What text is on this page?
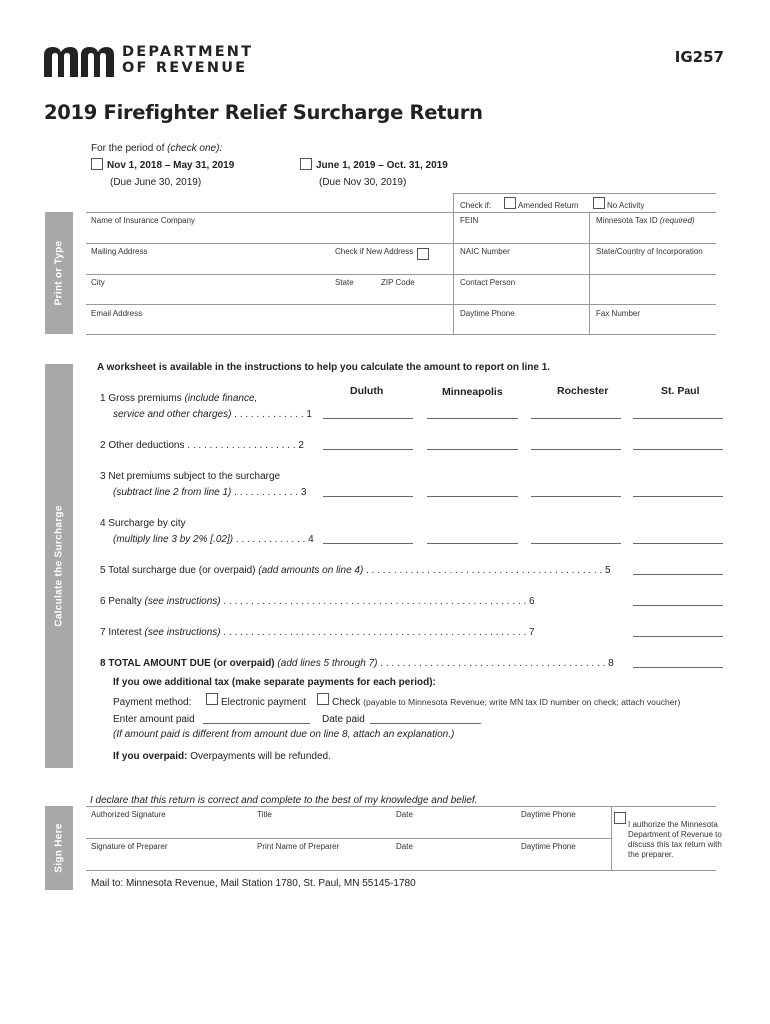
DEPARTMENT
OF REVENUE
IG257
2019 Firefighter Relief Surcharge Return
For the period of (check one):
Nov 1, 2018 – May 31, 2019
(Due June 30, 2019)
June 1, 2019 – Oct. 31, 2019
(Due Nov 30, 2019)
Check if:	Amended Return	No Activity
Print or Type
Name of Insurance Company	FEIN	Minnesota Tax ID (required)
Mailing Address	Check if New Address	NAIC Number	State/Country of Incorporation
City	State	ZIP Code	Contact Person
Email Address	Daytime Phone	Fax Number
Calculate the Surcharge
A worksheet is available in the instructions to help you calculate the amount to report on line 1.
Duluth	Minneapolis	Rochester	St. Paul
1 Gross premiums (include finance,
service and other charges) . . . . . . . . . . . . . 1
2 Other deductions . . . . . . . . . . . . . . . . . . . . 2
3 Net premiums subject to the surcharge
(subtract line 2 from line 1) . . . . . . . . . . . . 3
4 Surcharge by city
(multiply line 3 by 2% [.02]) . . . . . . . . . . . . . 4
5 Total surcharge due (or overpaid) (add amounts on line 4) . . . . . . . . . . . . . . . . . . . . . . . . . . . . . . . . . . . . . . . . . . . 5
6 Penalty (see instructions) . . . . . . . . . . . . . . . . . . . . . . . . . . . . . . . . . . . . . . . . . . . . . . . . . . . . . . . 6
7 Interest (see instructions) . . . . . . . . . . . . . . . . . . . . . . . . . . . . . . . . . . . . . . . . . . . . . . . . . . . . . . . 7
8 TOTAL AMOUNT DUE (or overpaid) (add lines 5 through 7) . . . . . . . . . . . . . . . . . . . . . . . . . . . . . . . . . . . . . . . . . 8
If you owe additional tax (make separate payments for each period):
Payment method:	Electronic payment	Check (payable to Minnesota Revenue; write MN tax ID number on check; attach voucher)
Enter amount paid	Date paid
(If amount paid is different from amount due on line 8, attach an explanation.)
If you overpaid: Overpayments will be refunded.
Sign Here
I declare that this return is correct and complete to the best of my knowledge and belief.
Authorized Signature	Title	Date	Daytime Phone
Signature of Preparer	Print Name of Preparer	Date	Daytime Phone
I authorize the Minnesota Department of Revenue to discuss this tax return with the preparer.
Mail to: Minnesota Revenue, Mail Station 1780, St. Paul, MN 55145-1780
